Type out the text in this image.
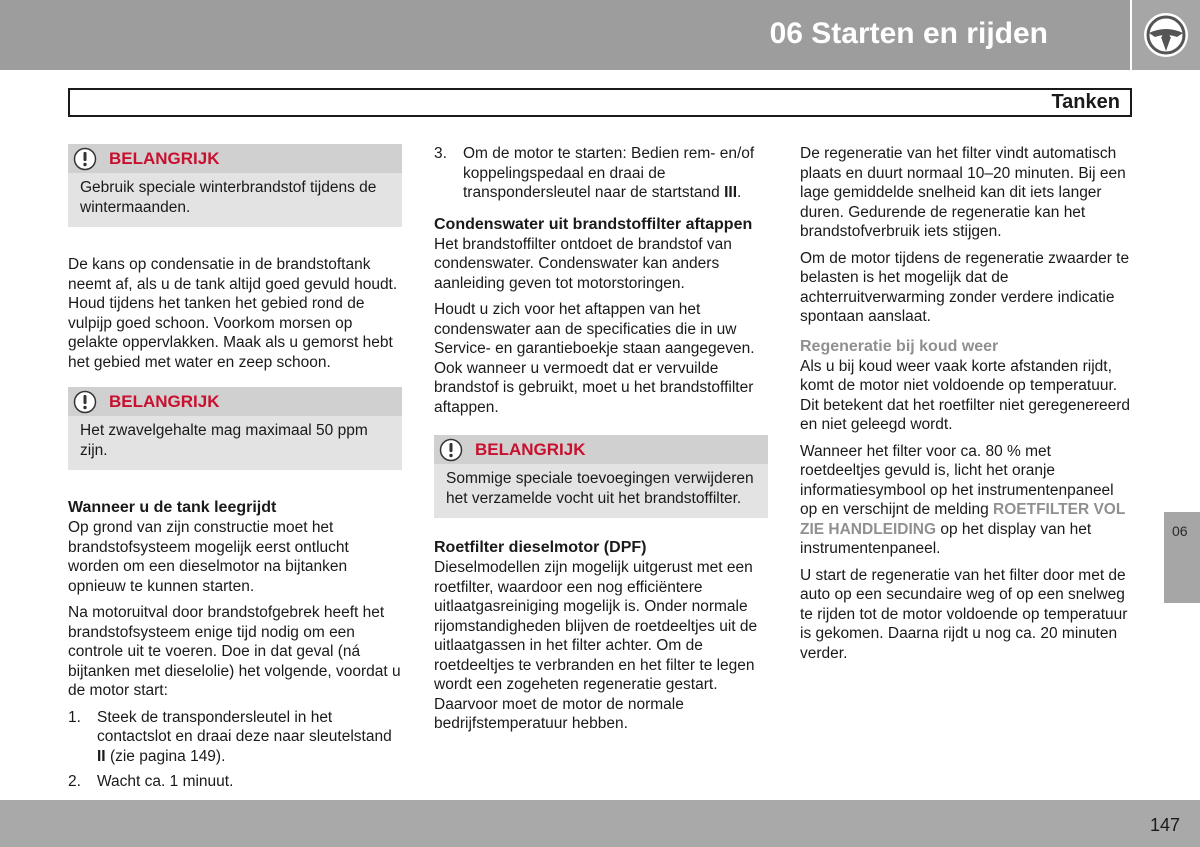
06 Starten en rijden
Tanken
BELANGRIJK
Gebruik speciale winterbrandstof tijdens de wintermaanden.

De kans op condensatie in de brandstoftank neemt af, als u de tank altijd goed gevuld houdt. Houd tijdens het tanken het gebied rond de vulpijp goed schoon. Voorkom morsen op gelakte oppervlakken. Maak als u gemorst hebt het gebied met water en zeep schoon.

BELANGRIJK
Het zwavelgehalte mag maximaal 50 ppm zijn.
Wanneer u de tank leegrijdt

Op grond van zijn constructie moet het brandstofsysteem mogelijk eerst ontlucht worden om een dieselmotor na bijtanken opnieuw te kunnen starten.

Na motoruitval door brandstofgebrek heeft het brandstofsysteem enige tijd nodig om een controle uit te voeren. Doe in dat geval (ná bijtanken met dieselolie) het volgende, voordat u de motor start:

1. Steek de transpondersleutel in het contactslot en draai deze naar sleutelstand II (zie pagina 149).
2. Wacht ca. 1 minuut.
3. Om de motor te starten: Bedien rem- en/of koppelingspedaal en draai de transpondersleutel naar de startstand III.
Condenswater uit brandstoffilter aftappen

Het brandstoffilter ontdoet de brandstof van condenswater. Condenswater kan anders aanleiding geven tot motorstoringen.

Houdt u zich voor het aftappen van het condenswater aan de specificaties die in uw Service- en garantieboekje staan aangegeven. Ook wanneer u vermoedt dat er vervuilde brandstof is gebruikt, moet u het brandstoffilter aftappen.

BELANGRIJK
Sommige speciale toevoegingen verwijderen het verzamelde vocht uit het brandstoffilter.
Roetfilter dieselmotor (DPF)

Dieselmodellen zijn mogelijk uitgerust met een roetfilter, waardoor een nog efficiëntere uitlaatgasreiniging mogelijk is. Onder normale rijomstandigheden blijven de roetdeeltjes uit de uitlaatgassen in het filter achter. Om de roetdeeltjes te verbranden en het filter te legen wordt een zogeheten regeneratie gestart. Daarvoor moet de motor de normale bedrijfstemperatuur hebben.

De regeneratie van het filter vindt automatisch plaats en duurt normaal 10–20 minuten. Bij een lage gemiddelde snelheid kan dit iets langer duren. Gedurende de regeneratie kan het brandstofverbruik iets stijgen.

Om de motor tijdens de regeneratie zwaarder te belasten is het mogelijk dat de achterruitverwarming zonder verdere indicatie spontaan aanslaat.

Regeneratie bij koud weer

Als u bij koud weer vaak korte afstanden rijdt, komt de motor niet voldoende op temperatuur. Dit betekent dat het roetfilter niet geregenereerd en niet geleegd wordt.

Wanneer het filter voor ca. 80 % met roetdeeltjes gevuld is, licht het oranje informatiesymbool op het instrumentenpaneel op en verschijnt de melding ROETFILTER VOL ZIE HANDLEIDING op het display van het instrumentenpaneel.

U start de regeneratie van het filter door met de auto op een secundaire weg of op een snelweg te rijden tot de motor voldoende op temperatuur is gekomen. Daarna rijdt u nog ca. 20 minuten verder.

06
147
